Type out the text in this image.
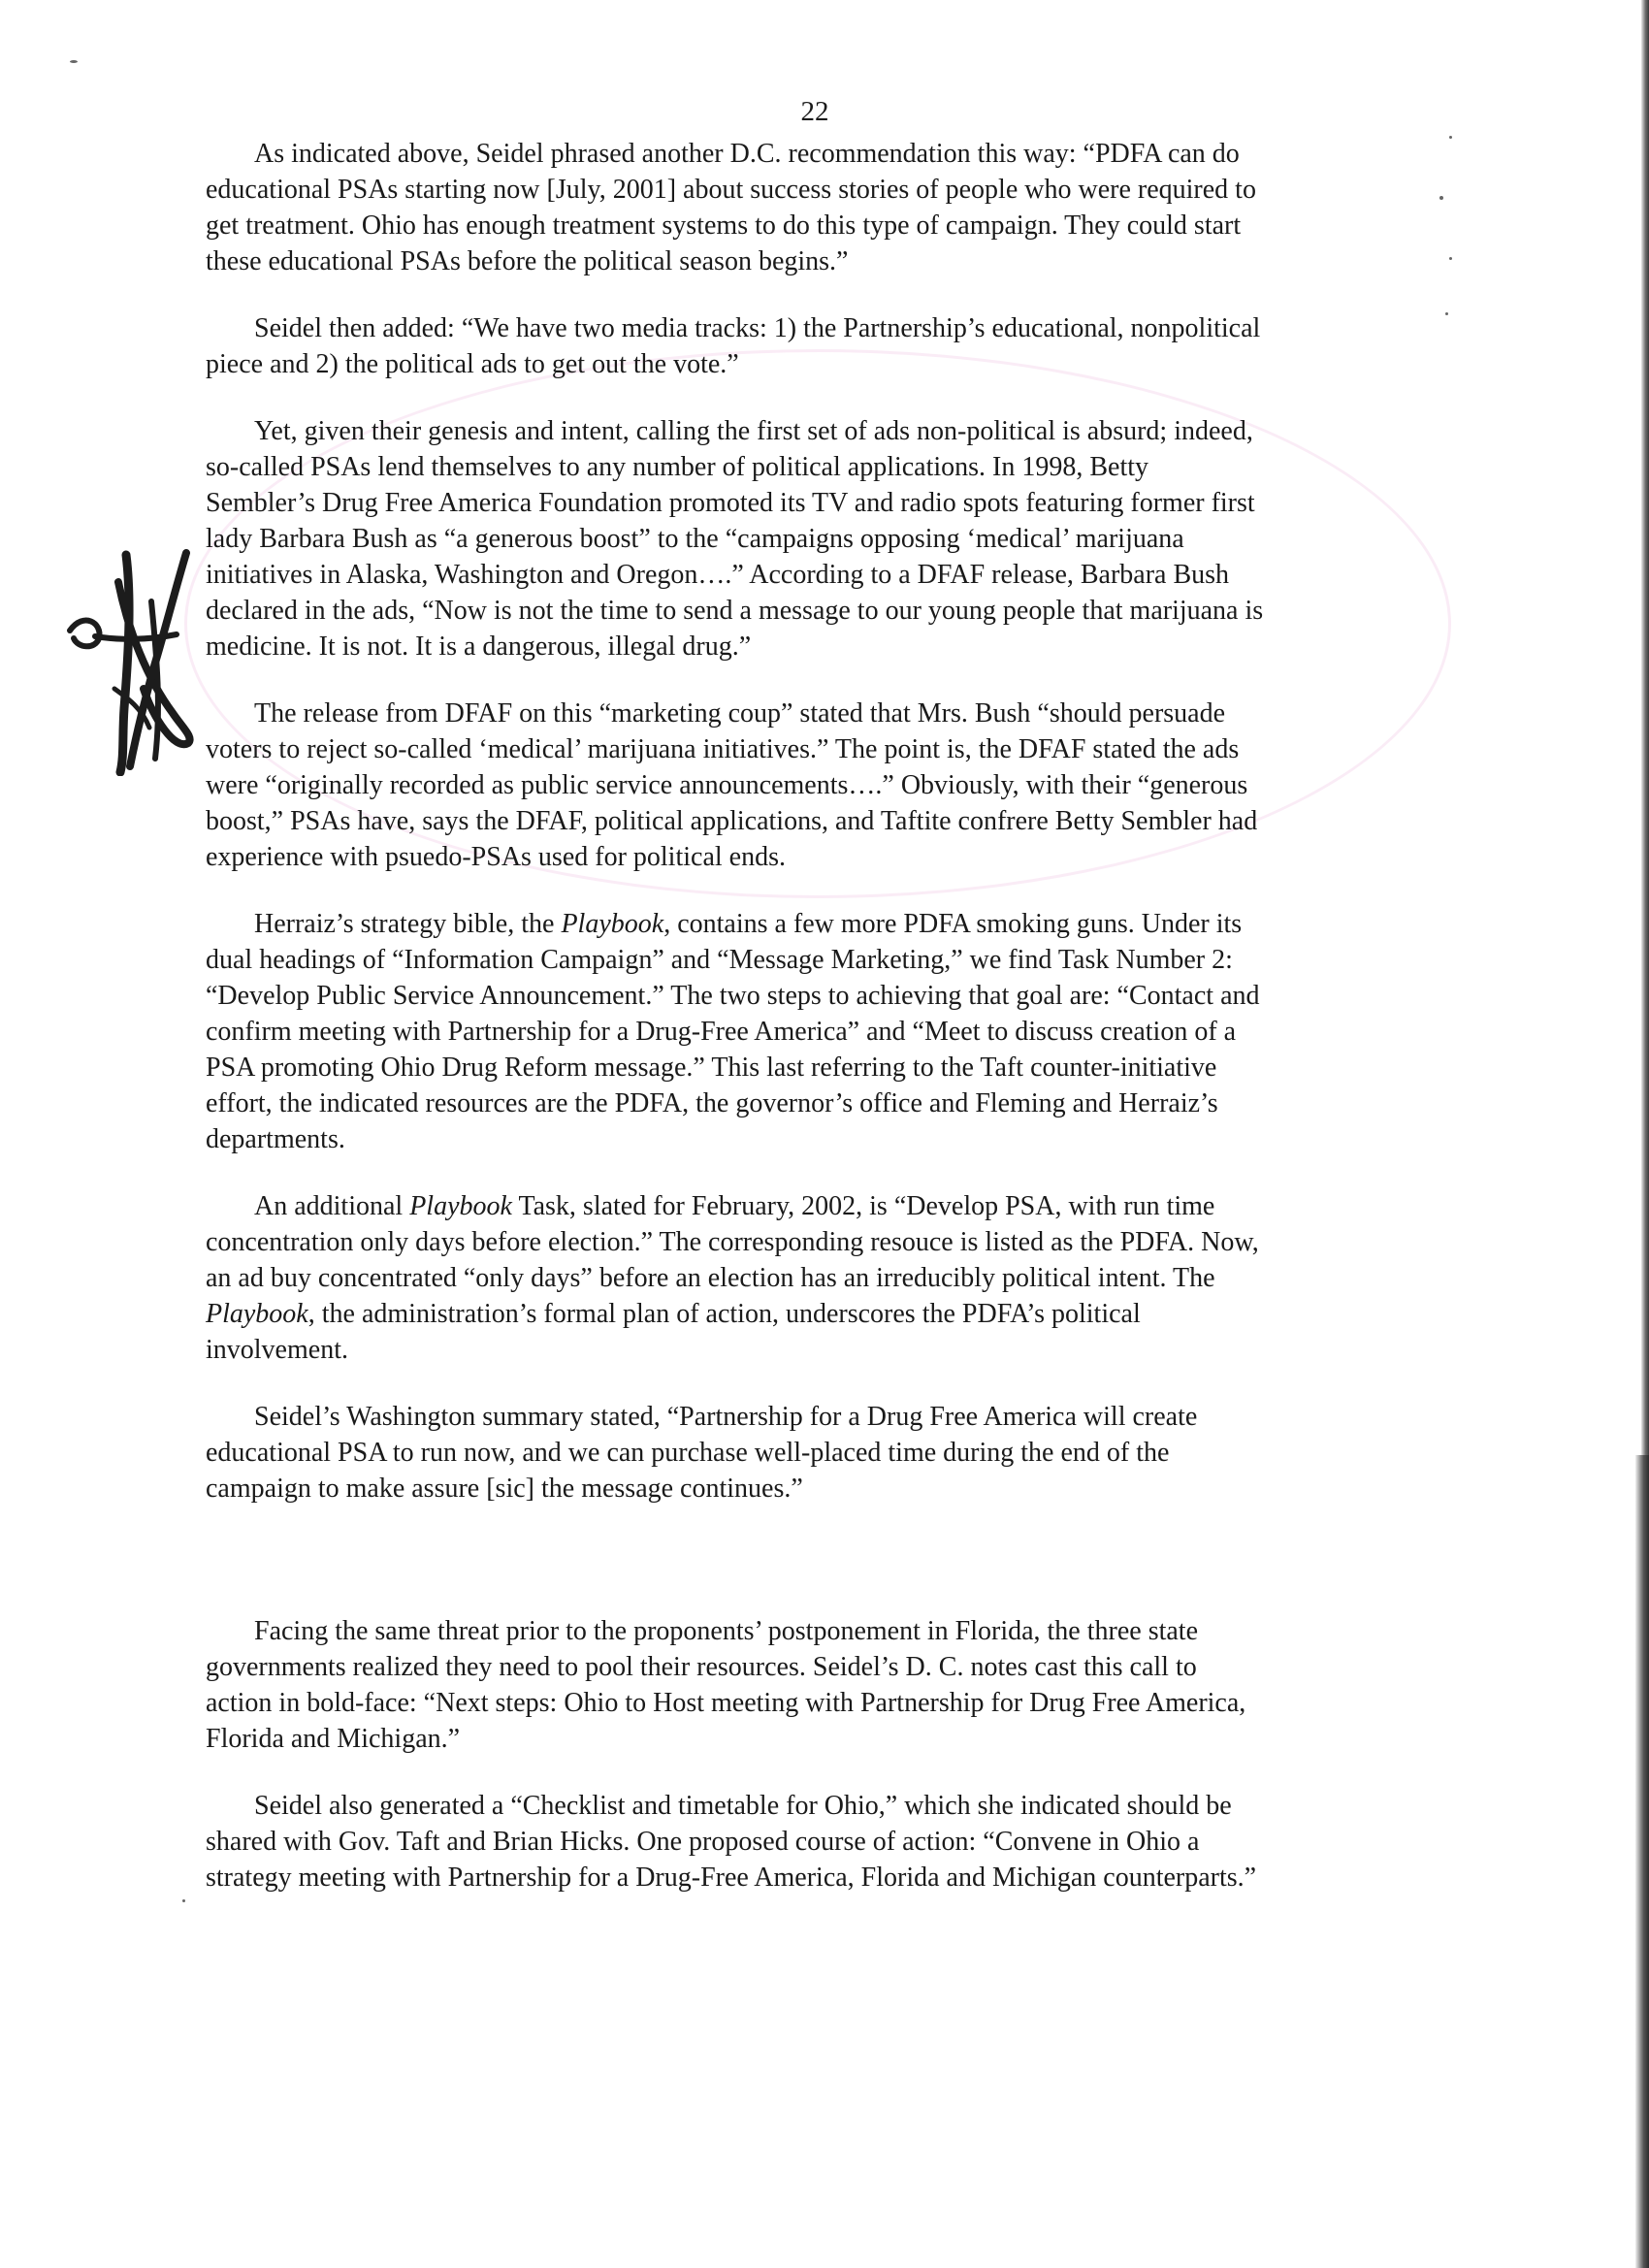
22

As indicated above, Seidel phrased another D.C. recommendation this way: “PDFA can do
educational PSAs starting now [July, 2001] about success stories of people who were required to
get treatment. Ohio has enough treatment systems to do this type of campaign. They could start
these educational PSAs before the political season begins.”

Seidel then added: “We have two media tracks: 1) the Partnership’s educational, nonpolitical
piece and 2) the political ads to get out the vote.”

Yet, given their genesis and intent, calling the first set of ads non-political is absurd; indeed,
so-called PSAs lend themselves to any number of political applications. In 1998, Betty
Sembler’s Drug Free America Foundation promoted its TV and radio spots featuring former first
lady Barbara Bush as “a generous boost” to the “campaigns opposing ‘medical’ marijuana
initiatives in Alaska, Washington and Oregon….” According to a DFAF release, Barbara Bush
declared in the ads, “Now is not the time to send a message to our young people that marijuana is
medicine. It is not. It is a dangerous, illegal drug.”

The release from DFAF on this “marketing coup” stated that Mrs. Bush “should persuade
voters to reject so-called ‘medical’ marijuana initiatives.” The point is, the DFAF stated the ads
were “originally recorded as public service announcements….” Obviously, with their “generous
boost,” PSAs have, says the DFAF, political applications, and Taftite confrere Betty Sembler had
experience with psuedo-PSAs used for political ends.

Herraiz’s strategy bible, the Playbook, contains a few more PDFA smoking guns. Under its
dual headings of “Information Campaign” and “Message Marketing,” we find Task Number 2:
“Develop Public Service Announcement.” The two steps to achieving that goal are: “Contact and
confirm meeting with Partnership for a Drug-Free America” and “Meet to discuss creation of a
PSA promoting Ohio Drug Reform message.” This last referring to the Taft counter-initiative
effort, the indicated resources are the PDFA, the governor’s office and Fleming and Herraiz’s
departments.

An additional Playbook Task, slated for February, 2002, is “Develop PSA, with run time
concentration only days before election.” The corresponding resouce is listed as the PDFA. Now,
an ad buy concentrated “only days” before an election has an irreducibly political intent. The
Playbook, the administration’s formal plan of action, underscores the PDFA’s political
involvement.

Seidel’s Washington summary stated, “Partnership for a Drug Free America will create
educational PSA to run now, and we can purchase well-placed time during the end of the
campaign to make assure [sic] the message continues.”

Facing the same threat prior to the proponents’ postponement in Florida, the three state
governments realized they need to pool their resources. Seidel’s D. C. notes cast this call to
action in bold-face: “Next steps: Ohio to Host meeting with Partnership for Drug Free America,
Florida and Michigan.”

Seidel also generated a “Checklist and timetable for Ohio,” which she indicated should be
shared with Gov. Taft and Brian Hicks. One proposed course of action: “Convene in Ohio a
strategy meeting with Partnership for a Drug-Free America, Florida and Michigan counterparts.”
